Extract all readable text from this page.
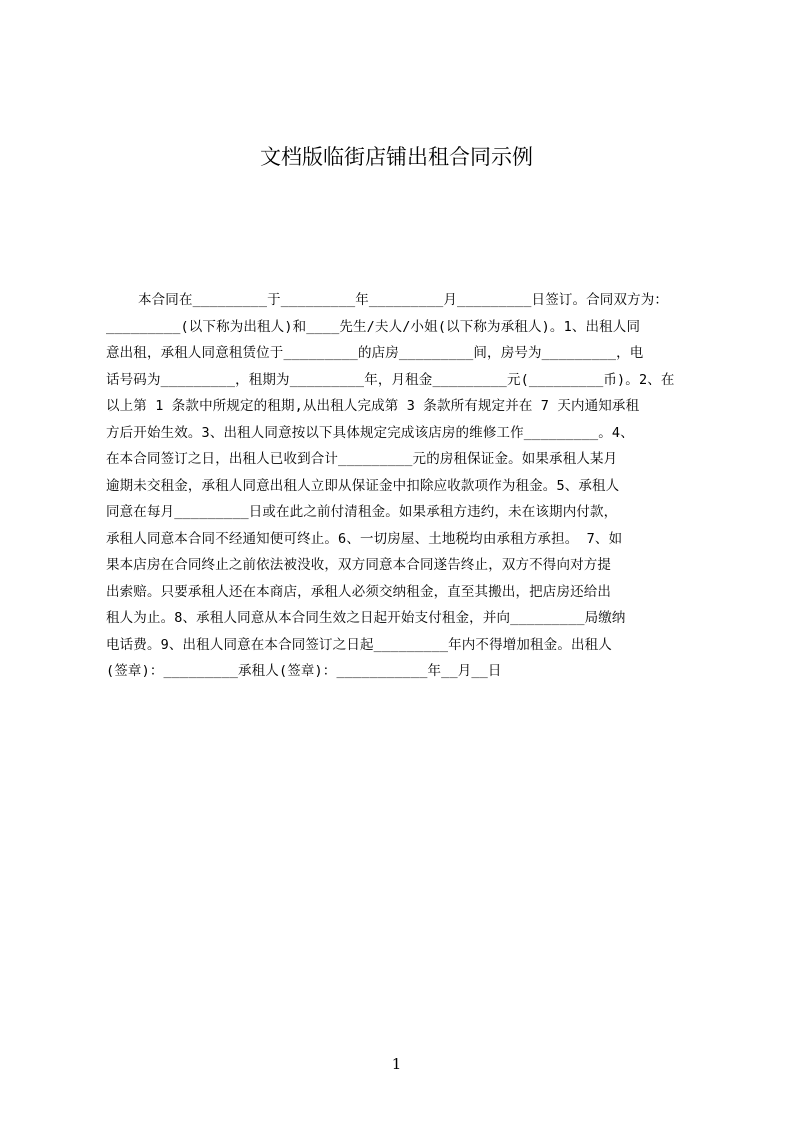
文档版临街店铺出租合同示例
本合同在_________于_________年_________月_________日签订。合同双方为：
_________(以下称为出租人)和____先生/夫人/小姐(以下称为承租人)。1、出租人同
意出租，承租人同意租赁位于_________的店房_________间，房号为_________，电
话号码为_________，租期为_________年，月租金_________元(_________币)。2、在
以上第 1 条款中所规定的租期,从出租人完成第 3 条款所有规定并在 7 天内通知承租
方后开始生效。3、出租人同意按以下具体规定完成该店房的维修工作_________。4、
在本合同签订之日，出租人已收到合计_________元的房租保证金。如果承租人某月
逾期未交租金，承租人同意出租人立即从保证金中扣除应收款项作为租金。5、承租人
同意在每月_________日或在此之前付清租金。如果承租方违约，未在该期内付款，
承租人同意本合同不经通知便可终止。6、一切房屋、土地税均由承租方承担。 7、如
果本店房在合同终止之前依法被没收，双方同意本合同遂告终止，双方不得向对方提
出索赔。只要承租人还在本商店，承租人必须交纳租金，直至其搬出，把店房还给出
租人为止。8、承租人同意从本合同生效之日起开始支付租金，并向_________局缴纳
电话费。9、出租人同意在本合同签订之日起_________年内不得增加租金。出租人
(签章)：_________承租人(签章)：___________年__月__日
1
